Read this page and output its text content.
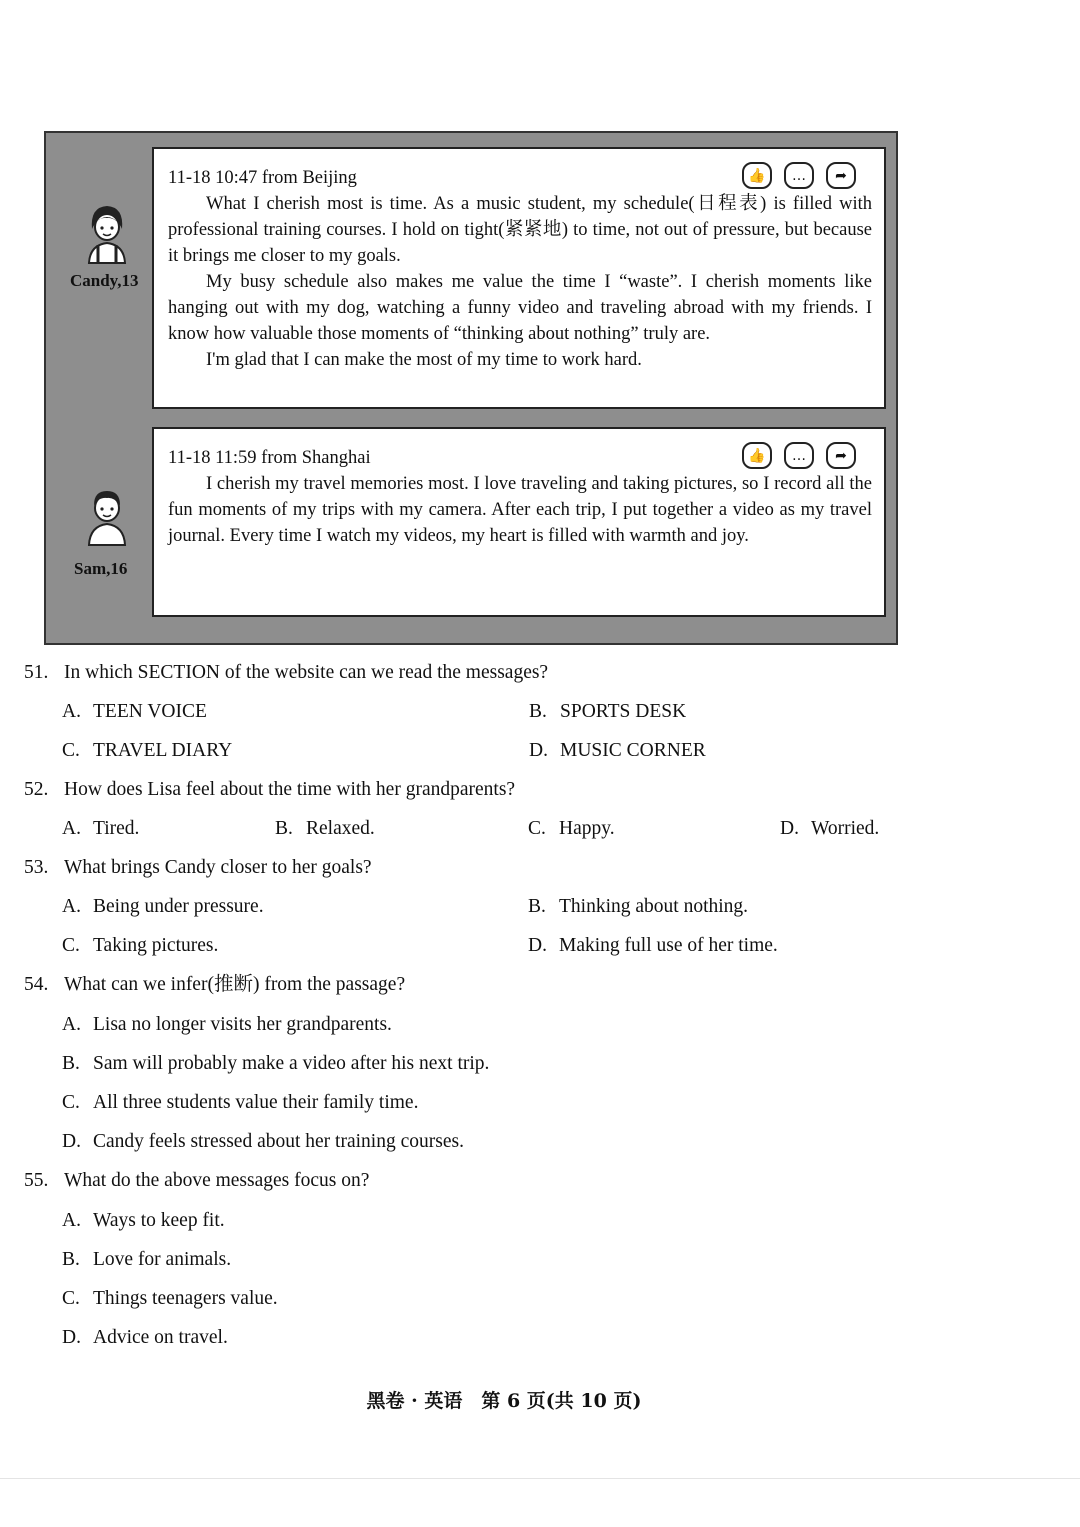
Candy,13
👍	…	➦
11-18 10:47 from Beijing

What I cherish most is time. As a music student, my schedule(日程表) is filled with professional training courses. I hold on tight(紧紧地) to time, not out of pressure, but because it brings me closer to my goals.

My busy schedule also makes me value the time I “waste”. I cherish moments like hanging out with my dog, watching a funny video and traveling abroad with my friends. I know how valuable those moments of “thinking about nothing” truly are.

I'm glad that I can make the most of my time to work hard.

Sam,16
👍	…	➦
11-18 11:59 from Shanghai

I cherish my travel memories most. I love traveling and taking pictures, so I record all the fun moments of my trips with my camera. After each trip, I put together a video as my travel journal. Every time I watch my videos, my heart is filled with warmth and joy.

51. In which SECTION of the website can we read the messages?
A. TEEN VOICE	B. SPORTS DESK
C. TRAVEL DIARY	D. MUSIC CORNER
52. How does Lisa feel about the time with her grandparents?
A. Tired.	B. Relaxed.	C. Happy.	D. Worried.
53. What brings Candy closer to her goals?
A. Being under pressure.	B. Thinking about nothing.
C. Taking pictures.	D. Making full use of her time.
54. What can we infer(推断) from the passage?
A. Lisa no longer visits her grandparents.
B. Sam will probably make a video after his next trip.
C. All three students value their family time.
D. Candy feels stressed about her training courses.
55. What do the above messages focus on?
A. Ways to keep fit.
B. Love for animals.
C. Things teenagers value.
D. Advice on travel.
黑卷 · 英语　第 6 页(共 10 页)
